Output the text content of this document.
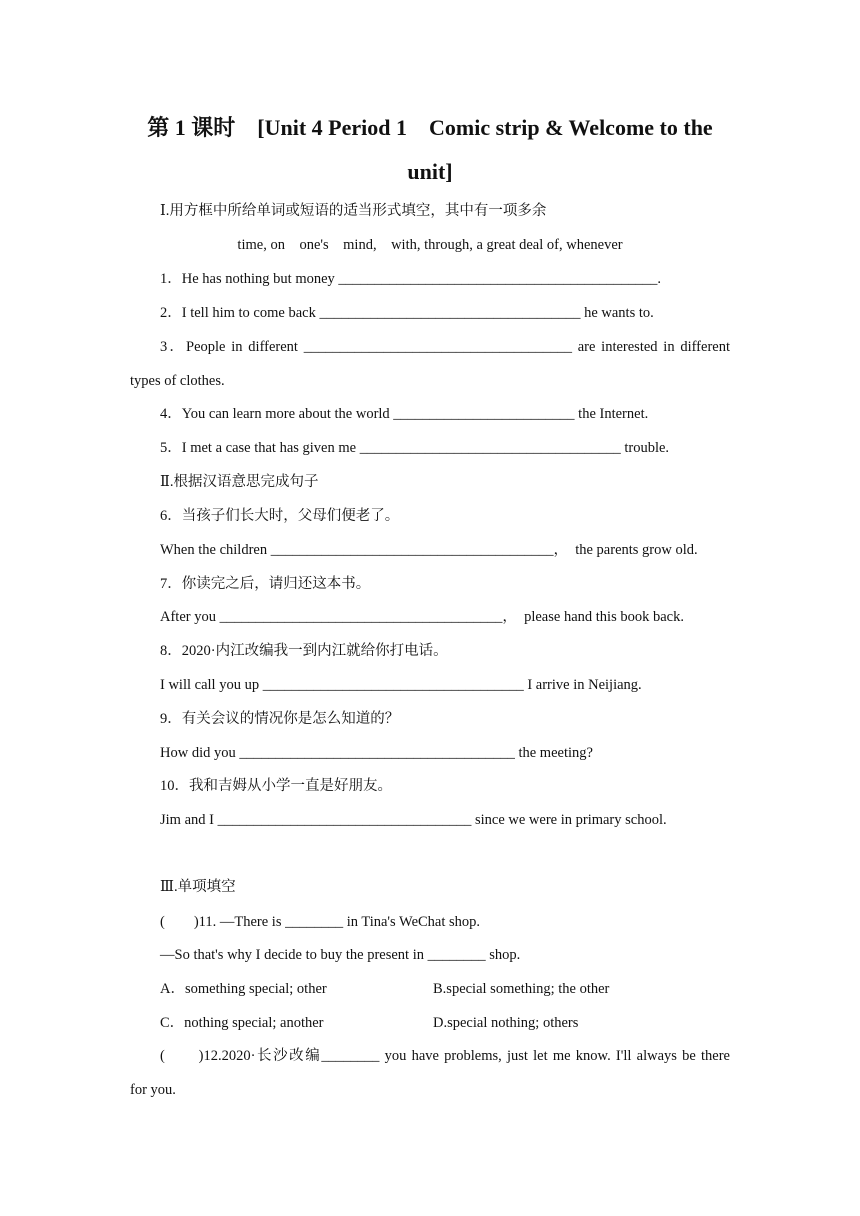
第 1 课时　[Unit 4 Period 1　Comic strip & Welcome to the
unit]
Ⅰ.用方框中所给单词或短语的适当形式填空，其中有一项多余
time, on　one's　mind,　with, through, a great deal of, whenever
1．He has nothing but money ____________________________________________.
2．I tell him to come back ____________________________________ he wants to.
3．People in different _____________________________________ are interested in different
types of clothes.
4．You can learn more about the world _________________________ the Internet.
5．I met a case that has given me ____________________________________ trouble.
Ⅱ.根据汉语意思完成句子
6．当孩子们长大时，父母们便老了。
When the children _______________________________________，　the parents grow old.
7．你读完之后，请归还这本书。
After you _______________________________________，　please hand this book back.
8．2020·内江改编我一到内江就给你打电话。
I will call you up ____________________________________ I arrive in Neijiang.
9．有关会议的情况你是怎么知道的？
How did you ______________________________________ the meeting?
10．我和吉姆从小学一直是好朋友。
Jim and I ___________________________________ since we were in primary school.
Ⅲ.单项填空
(　　)11. —There is ________ in Tina's WeChat shop.
—So that's why I decide to buy the present in ________ shop.
A．something special; other	B.special something; the other
C．nothing special; another	D.special nothing; others
(　　)12.2020·长沙改编________ you have problems, just let me know. I'll always be there
for you.
